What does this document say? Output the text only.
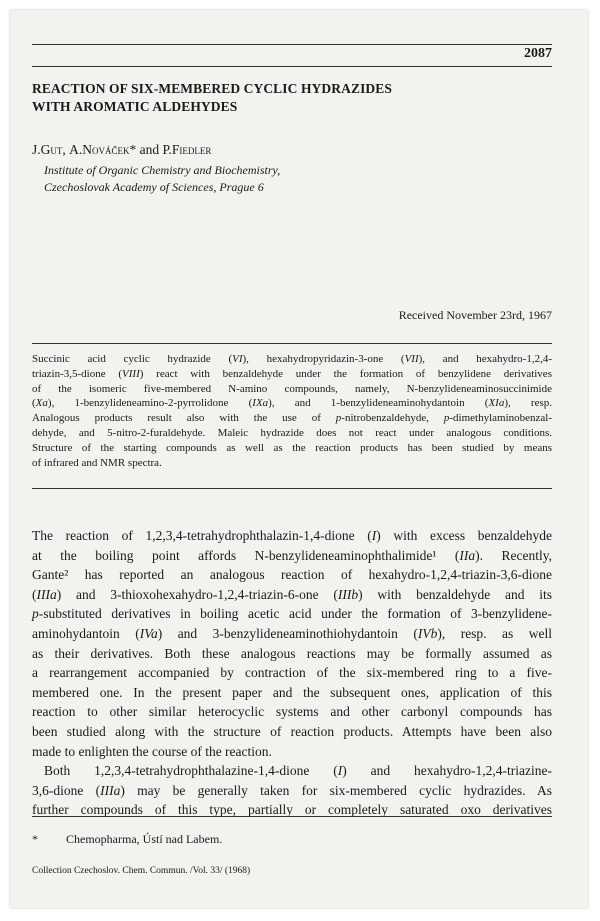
2087
REACTION OF SIX-MEMBERED CYCLIC HYDRAZIDES
WITH AROMATIC ALDEHYDES
J.Gut, A.Nováček* and P.Fiedler
Institute of Organic Chemistry and Biochemistry,
Czechoslovak Academy of Sciences, Prague 6
Received November 23rd, 1967
Succinic acid cyclic hydrazide (VI), hexahydropyridazin-3-one (VII), and hexahydro-1,2,4-
triazin-3,5-dione (VIII) react with benzaldehyde under the formation of benzylidene derivatives
of the isomeric five-membered N-amino compounds, namely, N-benzylideneaminosuccinimide
(Xa), 1-benzylideneamino-2-pyrrolidone (IXa), and 1-benzylideneaminohydantoin (XIa), resp.
Analogous products result also with the use of p-nitrobenzaldehyde, p-dimethylaminobenzal-
dehyde, and 5-nitro-2-furaldehyde. Maleic hydrazide does not react under analogous conditions.
Structure of the starting compounds as well as the reaction products has been studied by means
of infrared and NMR spectra.
The reaction of 1,2,3,4-tetrahydrophthalazin-1,4-dione (I) with excess benzaldehyde
at the boiling point affords N-benzylideneaminophthalimide¹ (IIa). Recently,
Gante² has reported an analogous reaction of hexahydro-1,2,4-triazin-3,6-dione
(IIIa) and 3-thioxohexahydro-1,2,4-triazin-6-one (IIIb) with benzaldehyde and its
p-substituted derivatives in boiling acetic acid under the formation of 3-benzylidene-
aminohydantoin (IVa) and 3-benzylideneaminothiohydantoin (IVb), resp. as well
as their derivatives. Both these analogous reactions may be formally assumed as
a rearrangement accompanied by contraction of the six-membered ring to a five-
membered one. In the present paper and the subsequent ones, application of this
reaction to other similar heterocyclic systems and other carbonyl compounds has
been studied along with the structure of reaction products. Attempts have been also
made to enlighten the course of the reaction.
Both 1,2,3,4-tetrahydrophthalazine-1,4-dione (I) and hexahydro-1,2,4-triazine-
3,6-dione (IIIa) may be generally taken for six-membered cyclic hydrazides. As
further compounds of this type, partially or completely saturated oxo derivatives
* Chemopharma, Ústí nad Labem.
Collection Czechoslov. Chem. Commun. /Vol. 33/ (1968)
